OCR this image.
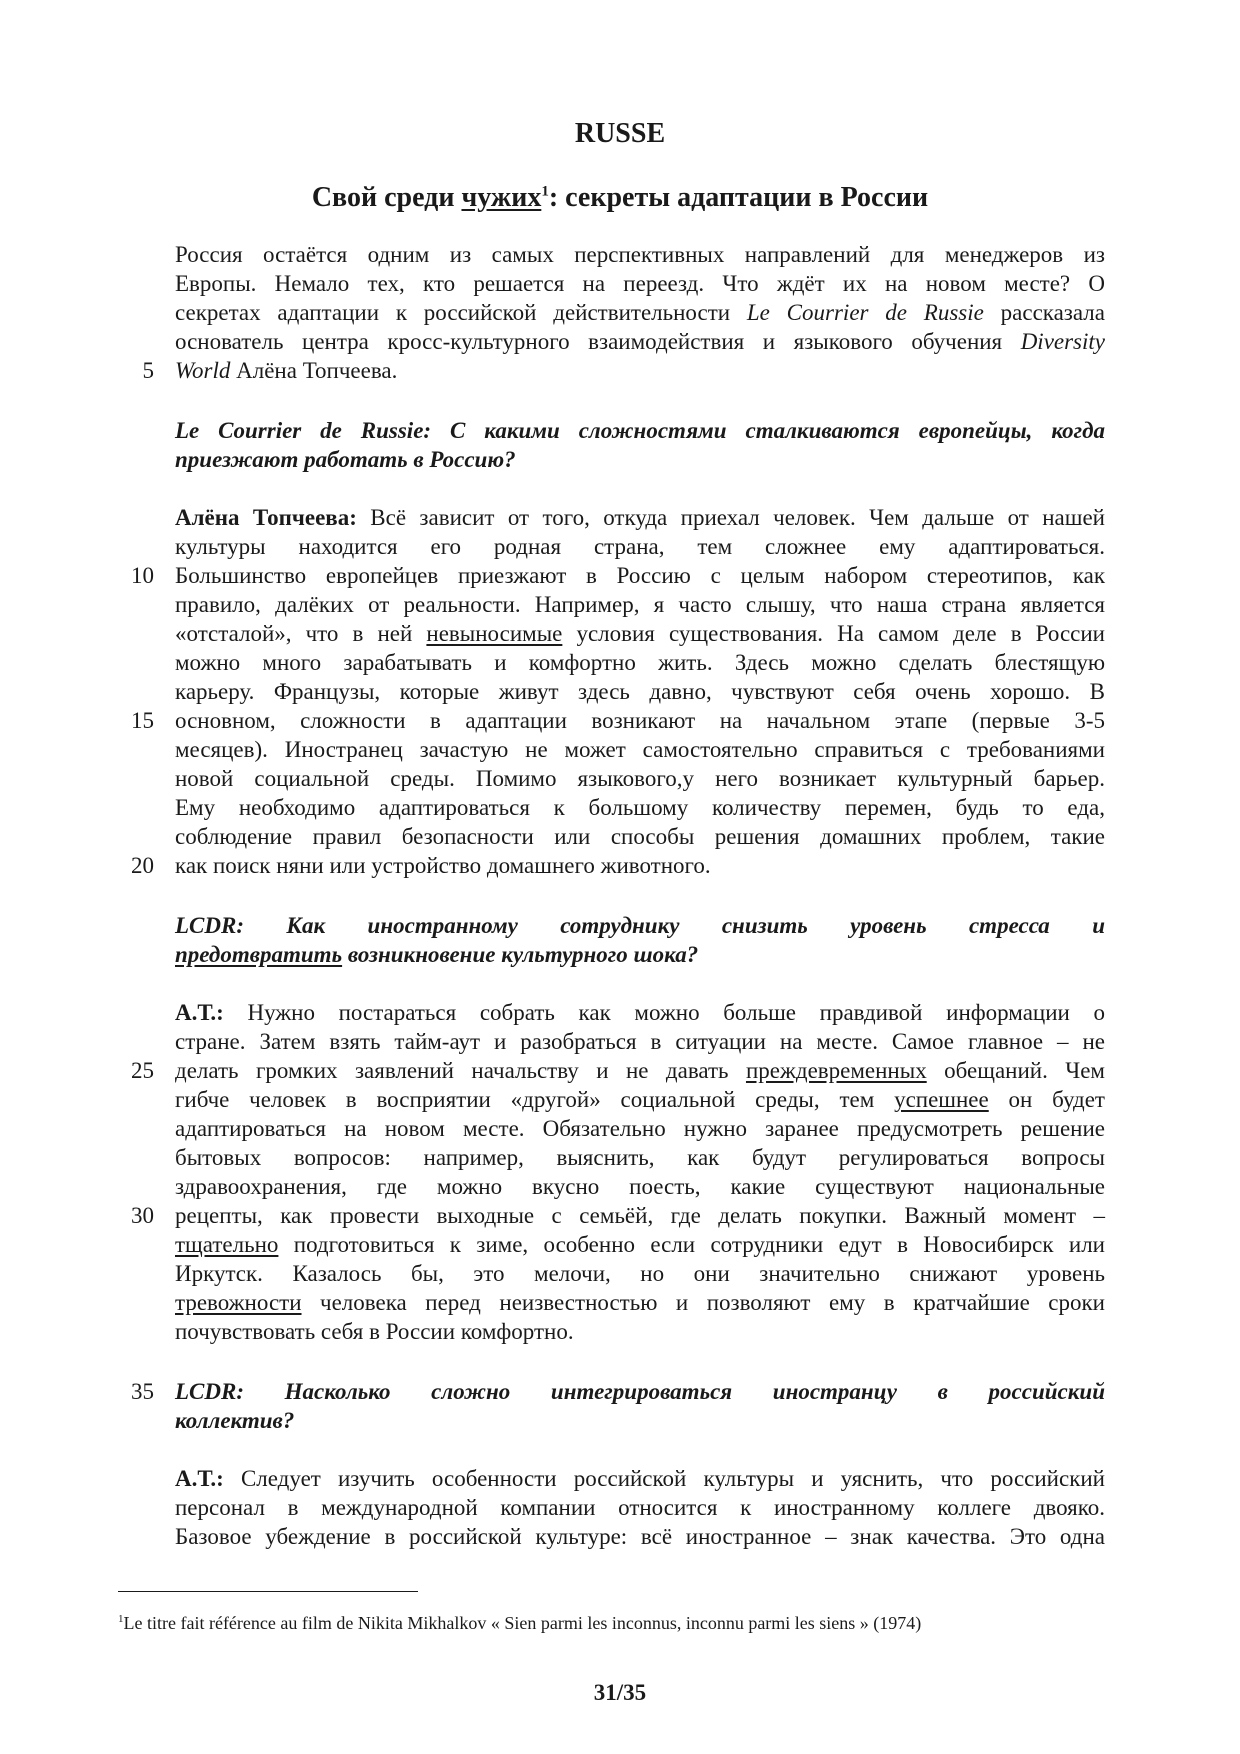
RUSSE
Свой среди чужих$^1$: секреты адаптации в России
Россия остаётся одним из самых перспективных направлений для менеджеров из
Европы. Немало тех, кто решается на переезд. Что ждёт их на новом месте? О
секретах адаптации к российской действительности Le Courrier de Russie рассказала
основатель центра кросс-культурного взаимодействия и языкового обучения Diversity
World Алёна Топчеева.
Le Courrier de Russie: С какими сложностями сталкиваются европейцы, когда
приезжают работать в Россию?
Алёна Топчеева: Всё зависит от того, откуда приехал человек. Чем дальше от нашей
культуры находится его родная страна, тем сложнее ему адаптироваться.
Большинство европейцев приезжают в Россию с целым набором стереотипов, как
правило, далёких от реальности. Например, я часто слышу, что наша страна является
«отсталой», что в ней невыносимые условия существования. На самом деле в России
можно много зарабатывать и комфортно жить. Здесь можно сделать блестящую
карьеру. Французы, которые живут здесь давно, чувствуют себя очень хорошо. В
основном, сложности в адаптации возникают на начальном этапе (первые 3-5
месяцев). Иностранец зачастую не может самостоятельно справиться с требованиями
новой социальной среды. Помимо языкового,у него возникает культурный барьер.
Ему необходимо адаптироваться к большому количеству перемен, будь то еда,
соблюдение правил безопасности или способы решения домашних проблем, такие
как поиск няни или устройство домашнего животного.
LCDR: Как иностранному сотруднику снизить уровень стресса и
предотвратить возникновение культурного шока?
А.Т.: Нужно постараться собрать как можно больше правдивой информации о
стране. Затем взять тайм-аут и разобраться в ситуации на месте. Самое главное – не
делать громких заявлений начальству и не давать преждевременных обещаний. Чем
гибче человек в восприятии «другой» социальной среды, тем успешнее он будет
адаптироваться на новом месте. Обязательно нужно заранее предусмотреть решение
бытовых вопросов: например, выяснить, как будут регулироваться вопросы
здравоохранения, где можно вкусно поесть, какие существуют национальные
рецепты, как провести выходные с семьёй, где делать покупки. Важный момент –
тщательно подготовиться к зиме, особенно если сотрудники едут в Новосибирск или
Иркутск. Казалось бы, это мелочи, но они значительно снижают уровень
тревожности человека перед неизвестностью и позволяют ему в кратчайшие сроки
почувствовать себя в России комфортно.
LCDR: Насколько сложно интегрироваться иностранцу в российский
коллектив?
А.Т.: Следует изучить особенности российской культуры и уяснить, что российский
персонал в международной компании относится к иностранному коллеге двояко.
Базовое убеждение в российской культуре: всё иностранное – знак качества. Это одна
5
10
15
20
25
30
35
$^1$Le titre fait référence au film de Nikita Mikhalkov « Sien parmi les inconnus, inconnu parmi les siens » (1974)
31/35
